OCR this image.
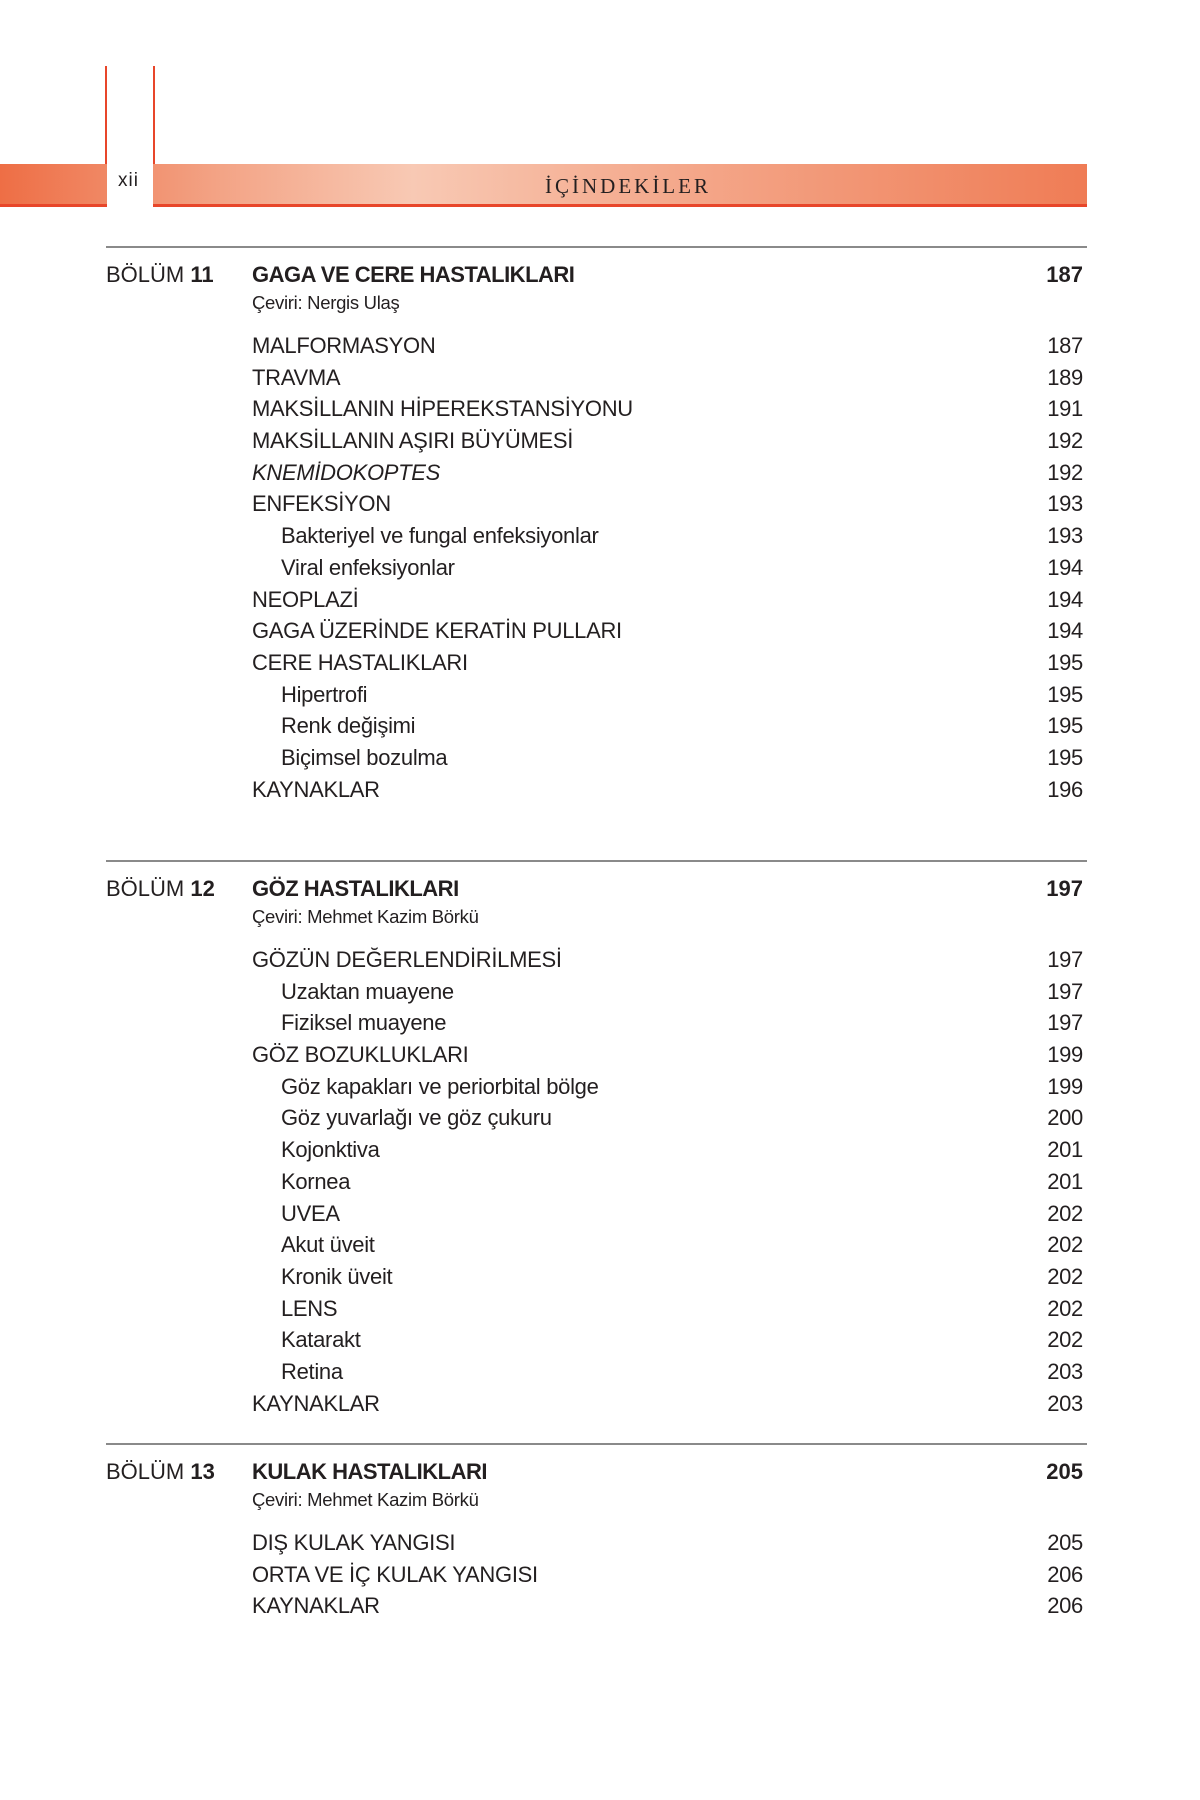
xii	İÇİNDEKİLER
BÖLÜM 11 GAGA VE CERE HASTALIKLARI	187
Çeviri: Nergis Ulaş
MALFORMASYON	187
TRAVMA	189
MAKSİLLANIN HİPEREKSTANSİYONU	191
MAKSİLLANIN AŞIRI BÜYÜMESİ	192
KNEMİDOKOPTES	192
ENFEKSİYON	193
Bakteriyel ve fungal enfeksiyonlar	193
Viral enfeksiyonlar	194
NEOPLAZİ	194
GAGA ÜZERİNDE KERATİN PULLARI	194
CERE HASTALIKLARI	195
Hipertrofi	195
Renk değişimi	195
Biçimsel bozulma	195
KAYNAKLAR	196
BÖLÜM 12 GÖZ HASTALIKLARI	197
Çeviri: Mehmet Kazim Börkü
GÖZÜN DEĞERLENDİRİLMESİ	197
Uzaktan muayene	197
Fiziksel muayene	197
GÖZ BOZUKLUKLARI	199
Göz kapakları ve periorbital bölge	199
Göz yuvarlağı ve göz çukuru	200
Kojonktiva	201
Kornea	201
UVEA	202
Akut üveit	202
Kronik üveit	202
LENS	202
Katarakt	202
Retina	203
KAYNAKLAR	203
BÖLÜM 13 KULAK HASTALIKLARI	205
Çeviri: Mehmet Kazim Börkü
DIŞ KULAK YANGISI	205
ORTA VE İÇ KULAK YANGISI	206
KAYNAKLAR	206
